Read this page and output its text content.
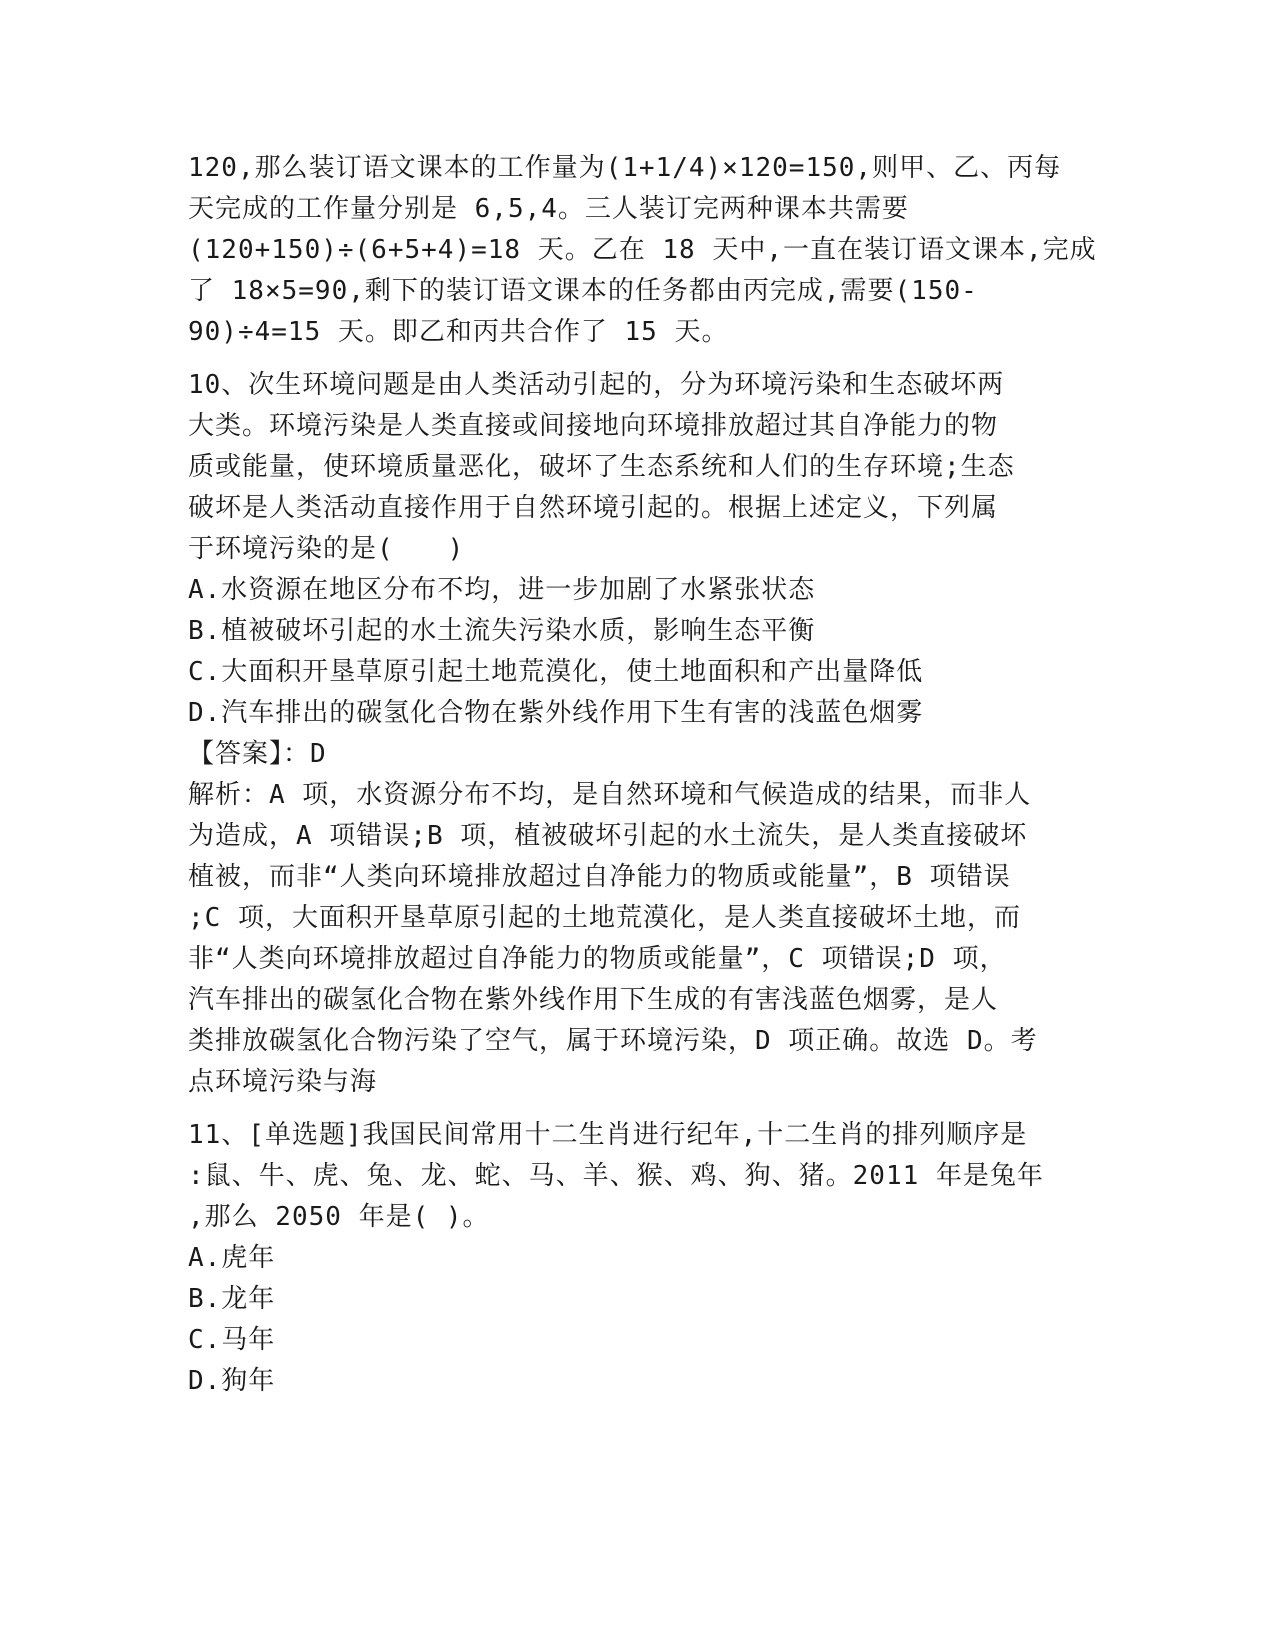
120,那么装订语文课本的工作量为(1+1/4)×120=150,则甲、乙、丙每
天完成的工作量分别是 6,5,4。三人装订完两种课本共需要
(120+150)÷(6+5+4)=18 天。乙在 18 天中,一直在装订语文课本,完成
了 18×5=90,剩下的装订语文课本的任务都由丙完成,需要(150-
90)÷4=15 天。即乙和丙共合作了 15 天。
10、次生环境问题是由人类活动引起的，分为环境污染和生态破坏两
大类。环境污染是人类直接或间接地向环境排放超过其自净能力的物
质或能量，使环境质量恶化，破坏了生态系统和人们的生存环境;生态
破坏是人类活动直接作用于自然环境引起的。根据上述定义，下列属
于环境污染的是(　　)
A.水资源在地区分布不均，进一步加剧了水紧张状态
B.植被破坏引起的水土流失污染水质，影响生态平衡
C.大面积开垦草原引起土地荒漠化，使土地面积和产出量降低
D.汽车排出的碳氢化合物在紫外线作用下生有害的浅蓝色烟雾
【答案】：D
解析：A 项，水资源分布不均，是自然环境和气候造成的结果，而非人
为造成，A 项错误;B 项，植被破坏引起的水土流失，是人类直接破坏
植被，而非“人类向环境排放超过自净能力的物质或能量”，B 项错误
;C 项，大面积开垦草原引起的土地荒漠化，是人类直接破坏土地，而
非“人类向环境排放超过自净能力的物质或能量”，C 项错误;D 项，
汽车排出的碳氢化合物在紫外线作用下生成的有害浅蓝色烟雾，是人
类排放碳氢化合物污染了空气，属于环境污染，D 项正确。故选 D。考
点环境污染与海
11、[单选题]我国民间常用十二生肖进行纪年,十二生肖的排列顺序是
:鼠、牛、虎、兔、龙、蛇、马、羊、猴、鸡、狗、猪。2011 年是兔年
,那么 2050 年是( )。
A.虎年
B.龙年
C.马年
D.狗年
